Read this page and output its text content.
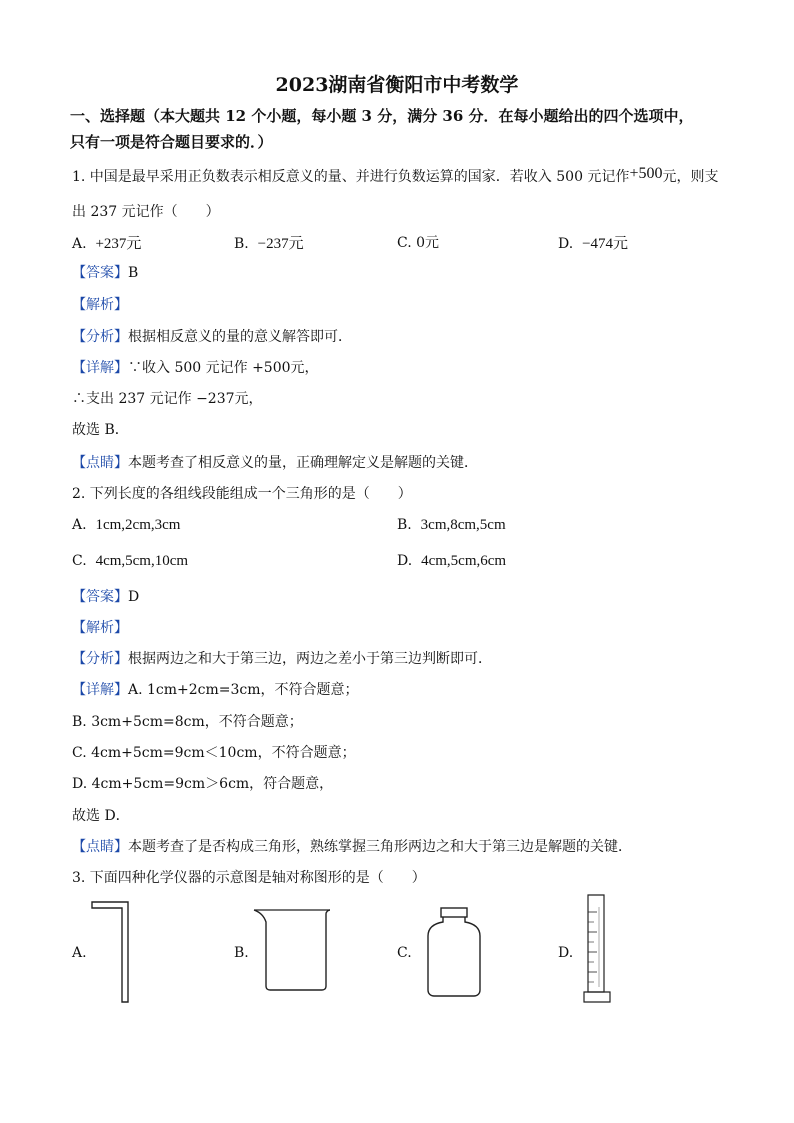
2023湖南省衡阳市中考数学
一、选择题（本大题共 12 个小题，每小题 3 分，满分 36 分．在每小题给出的四个选项中，
只有一项是符合题目要求的．）
1. 中国是最早采用正负数表示相反意义的量、并进行负数运算的国家．若收入 500 元记作+500元，则支
出 237 元记作（　　）
A. +237元	B. −237元	C. 0元	D. −474元
【答案】B
【解析】
【分析】根据相反意义的量的意义解答即可．
【详解】∵收入 500 元记作 +500元，
∴支出 237 元记作 −237元，
故选 B．
【点睛】本题考查了相反意义的量，正确理解定义是解题的关键．
2. 下列长度的各组线段能组成一个三角形的是（　　）
A. 1cm,2cm,3cm	B. 3cm,8cm,5cm
C. 4cm,5cm,10cm	D. 4cm,5cm,6cm
【答案】D
【解析】
【分析】根据两边之和大于第三边，两边之差小于第三边判断即可．
【详解】A. 1cm+2cm=3cm，不符合题意；
B. 3cm+5cm=8cm，不符合题意；
C. 4cm+5cm=9cm＜10cm，不符合题意；
D. 4cm+5cm=9cm＞6cm，符合题意，
故选 D．
【点睛】本题考查了是否构成三角形，熟练掌握三角形两边之和大于第三边是解题的关键．
3. 下面四种化学仪器的示意图是轴对称图形的是（　　）
A.	B.	C.	D.
